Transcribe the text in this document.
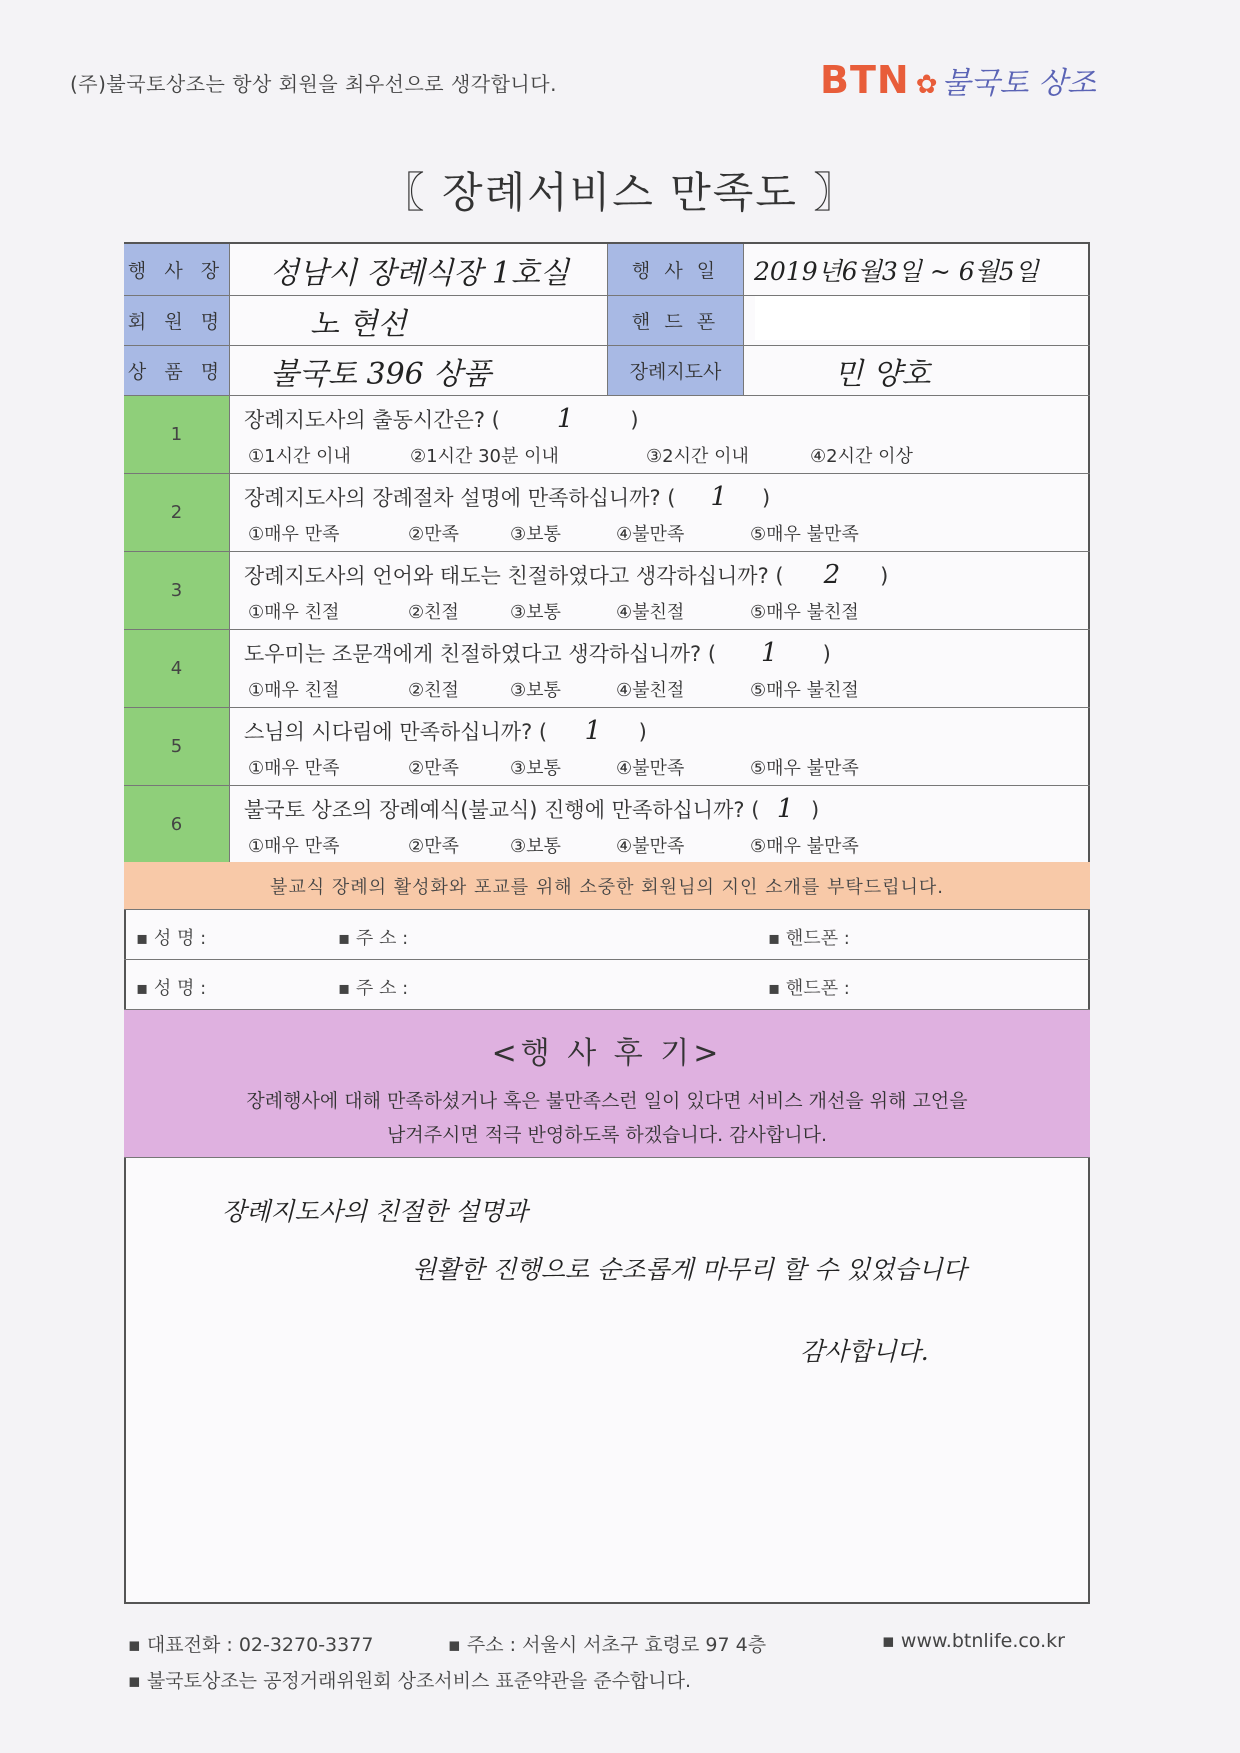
(주)불국토상조는 항상 회원을 최우선으로 생각합니다.	BTN ✿ 불국토 상조
〖 장례서비스 만족도 〗
행 사 장	성남시 장례식장 1호실	행 사 일	2019년6월3일 ~ 6월5일
회 원 명	노 현선	핸 드 폰
상 품 명	불국토 396 상품	장례지도사	민 양호
1
장례지도사의 출동시간은? ( 1	)
①1시간 이내	②1시간 30분 이내	③2시간 이내	④2시간 이상
2
장례지도사의 장례절차 설명에 만족하십니까? ( 1 )
①매우 만족	②만족	③보통	④불만족	⑤매우 불만족
3
장례지도사의 언어와 태도는 친절하였다고 생각하십니까? ( 2 )
①매우 친절	②친절	③보통	④불친절	⑤매우 불친절
4
도우미는 조문객에게 친절하였다고 생각하십니까? ( 1 )
①매우 친절	②친절	③보통	④불친절	⑤매우 불친절
5
스님의 시다림에 만족하십니까? ( 1 )
①매우 만족	②만족	③보통	④불만족	⑤매우 불만족
6
불국토 상조의 장례예식(불교식) 진행에 만족하십니까? ( 1 )
①매우 만족	②만족	③보통	④불만족	⑤매우 불만족
불교식 장례의 활성화와 포교를 위해 소중한 회원님의 지인 소개를 부탁드립니다.
▪ 성 명 :	▪ 주 소 :	▪ 핸드폰 :
▪ 성 명 :	▪ 주 소 :	▪ 핸드폰 :
<행 사 후 기>
장례행사에 대해 만족하셨거나 혹은 불만족스런 일이 있다면 서비스 개선을 위해 고언을
남겨주시면 적극 반영하도록 하겠습니다. 감사합니다.
장례지도사의 친절한 설명과
원활한 진행으로 순조롭게 마무리 할 수 있었습니다
감사합니다.
▪ 대표전화 : 02-3270-3377	▪ 주소 : 서울시 서초구 효령로 97 4층	▪ www.btnlife.co.kr
▪ 불국토상조는 공정거래위원회 상조서비스 표준약관을 준수합니다.
